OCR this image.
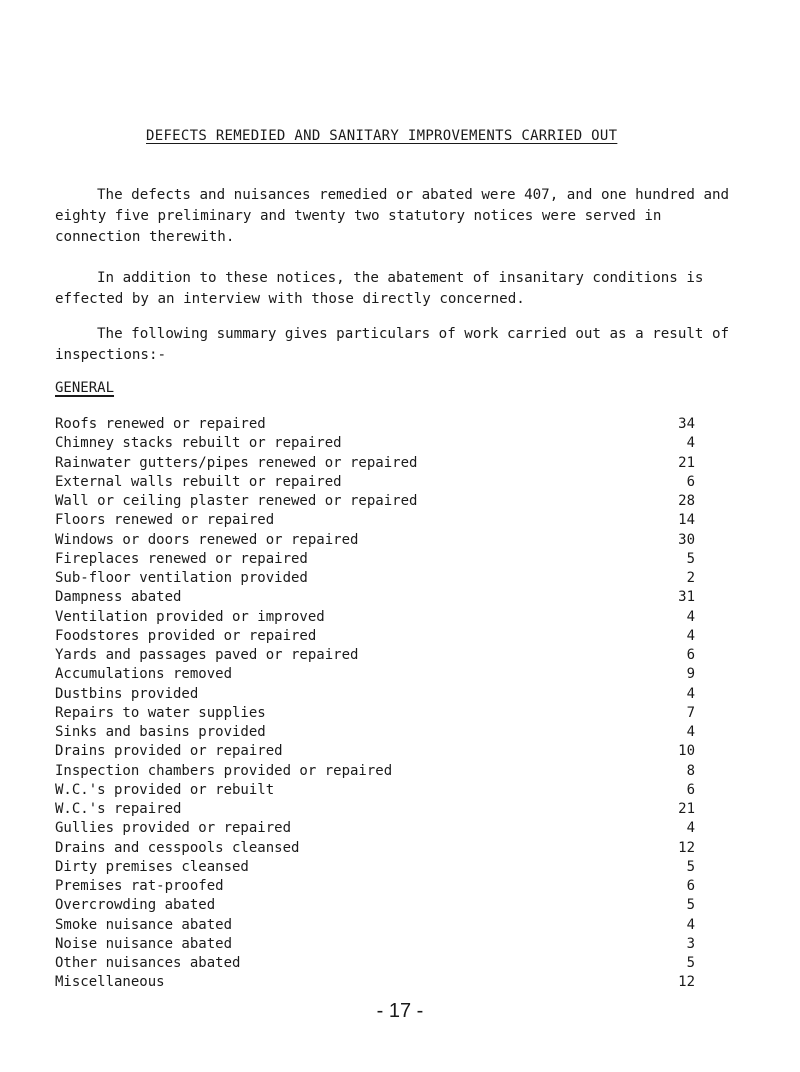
DEFECTS REMEDIED AND SANITARY IMPROVEMENTS CARRIED OUT

The defects and nuisances remedied or abated were 407, and one hundred and eighty five preliminary and twenty two statutory notices were served in connection therewith.

In addition to these notices, the abatement of insanitary conditions is effected by an interview with those directly concerned.

The following summary gives particulars of work carried out as a result of inspections:-

GENERAL
Roofs renewed or repaired	34
Chimney stacks rebuilt or repaired	4
Rainwater gutters/pipes renewed or repaired	21
External walls rebuilt or repaired	6
Wall or ceiling plaster renewed or repaired	28
Floors renewed or repaired	14
Windows or doors renewed or repaired	30
Fireplaces renewed or repaired	5
Sub-floor ventilation provided	2
Dampness abated	31
Ventilation provided or improved	4
Foodstores provided or repaired	4
Yards and passages paved or repaired	6
Accumulations removed	9
Dustbins provided	4
Repairs to water supplies	7
Sinks and basins provided	4
Drains provided or repaired	10
Inspection chambers provided or repaired	8
W.C.'s provided or rebuilt	6
W.C.'s repaired	21
Gullies provided or repaired	4
Drains and cesspools cleansed	12
Dirty premises cleansed	5
Premises rat-proofed	6
Overcrowding abated	5
Smoke nuisance abated	4
Noise nuisance abated	3
Other nuisances abated	5
Miscellaneous	12
- 17 -
